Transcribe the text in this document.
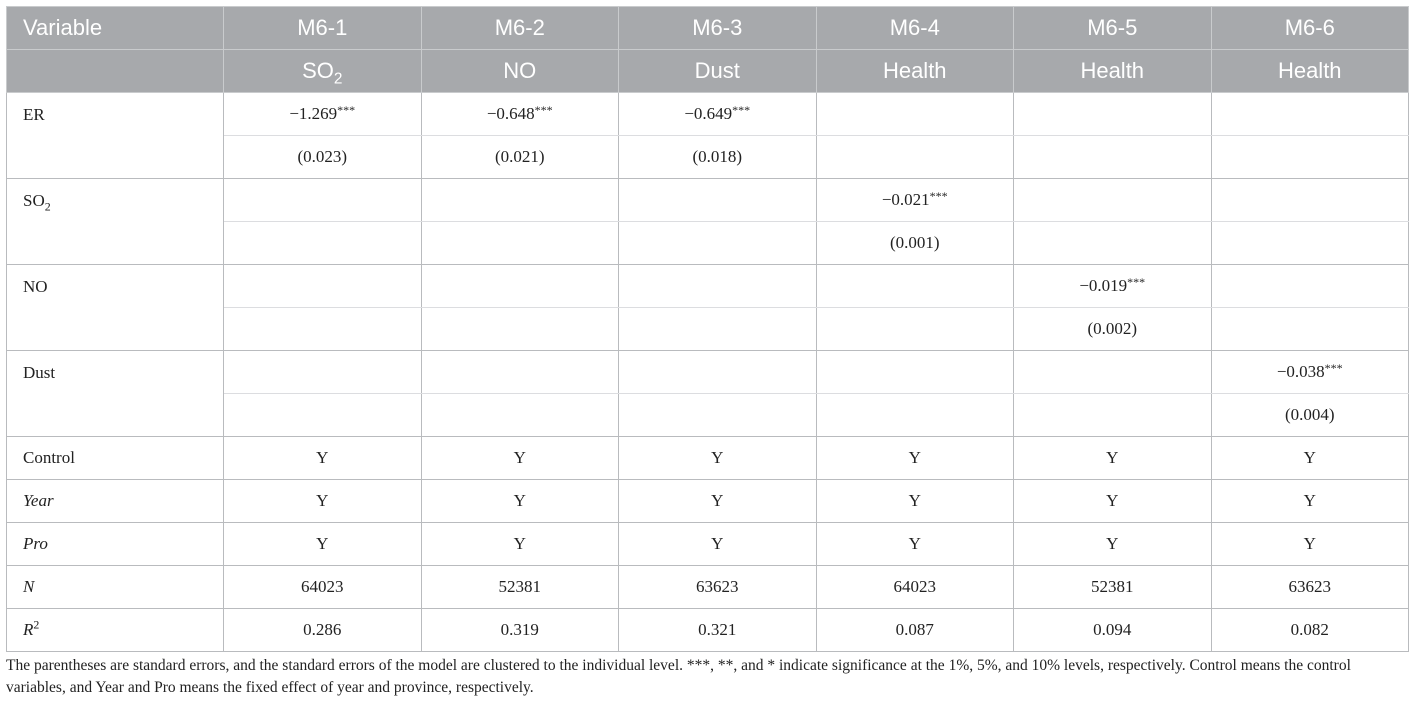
Variable	M6-1	M6-2	M6-3	M6-4	M6-5	M6-6
	$SO_2$	NO	Dust	Health	Health	Health
ER	−1.269***	−0.648***	−0.649***			
	(0.023)	(0.021)	(0.018)			
$SO_2$				−0.021***		
				(0.001)		
NO					−0.019***	
					(0.002)	
Dust						−0.038***
						(0.004)
Control	Y	Y	Y	Y	Y	Y
Year	Y	Y	Y	Y	Y	Y
Pro	Y	Y	Y	Y	Y	Y
N	64023	52381	63623	64023	52381	63623
$R^2$	0.286	0.319	0.321	0.087	0.094	0.082

The parentheses are standard errors, and the standard errors of the model are clustered to the individual level. ***, **, and * indicate significance at the 1%, 5%, and 10% levels, respectively. Control means the control variables, and Year and Pro means the fixed effect of year and province, respectively.
